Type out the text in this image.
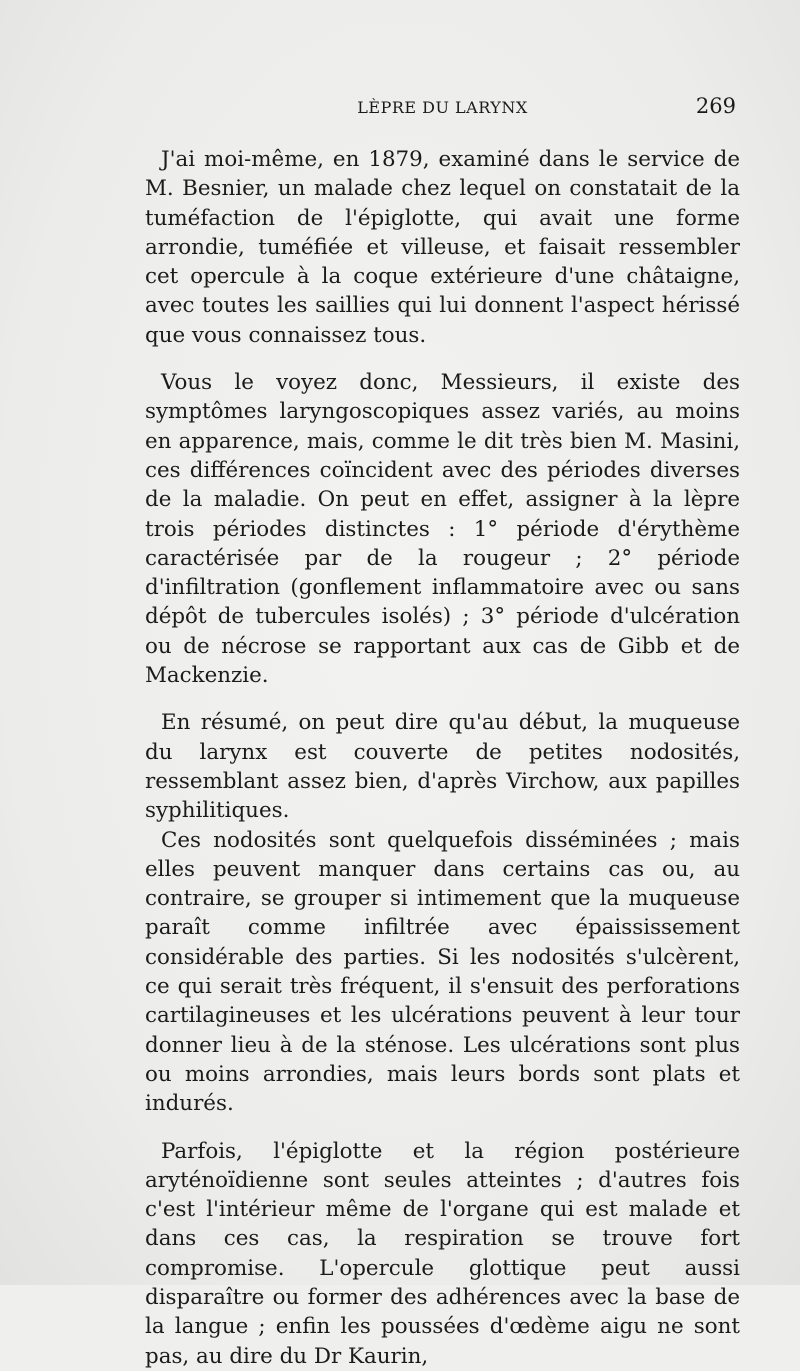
LÈPRE DU LARYNX	269

J'ai moi-même, en 1879, examiné dans le service de M. Besnier, un malade chez lequel on constatait de la tuméfaction de l'épiglotte, qui avait une forme arrondie, tuméfiée et villeuse, et faisait ressembler cet opercule à la coque extérieure d'une châtaigne, avec toutes les saillies qui lui donnent l'aspect hérissé que vous connaissez tous.

Vous le voyez donc, Messieurs, il existe des symptômes laryngoscopiques assez variés, au moins en apparence, mais, comme le dit très bien M. Masini, ces différences coïncident avec des périodes diverses de la maladie. On peut en effet, assigner à la lèpre trois périodes distinctes : 1° période d'érythème caractérisée par de la rougeur ; 2° période d'infiltration (gonflement inflammatoire avec ou sans dépôt de tubercules isolés) ; 3° période d'ulcération ou de nécrose se rapportant aux cas de Gibb et de Mackenzie.

En résumé, on peut dire qu'au début, la muqueuse du larynx est couverte de petites nodosités, ressemblant assez bien, d'après Virchow, aux papilles syphilitiques.

Ces nodosités sont quelquefois disséminées ; mais elles peuvent manquer dans certains cas ou, au contraire, se grouper si intimement que la muqueuse paraît comme infiltrée avec épaississement considérable des parties. Si les nodosités s'ulcèrent, ce qui serait très fréquent, il s'ensuit des perforations cartilagineuses et les ulcérations peuvent à leur tour donner lieu à de la sténose. Les ulcérations sont plus ou moins arrondies, mais leurs bords sont plats et indurés.

Parfois, l'épiglotte et la région postérieure aryténoïdienne sont seules atteintes ; d'autres fois c'est l'intérieur même de l'organe qui est malade et dans ces cas, la respiration se trouve fort compromise. L'opercule glottique peut aussi disparaître ou former des adhérences avec la base de la langue ; enfin les poussées d'œdème aigu ne sont pas, au dire du Dr Kaurin,
